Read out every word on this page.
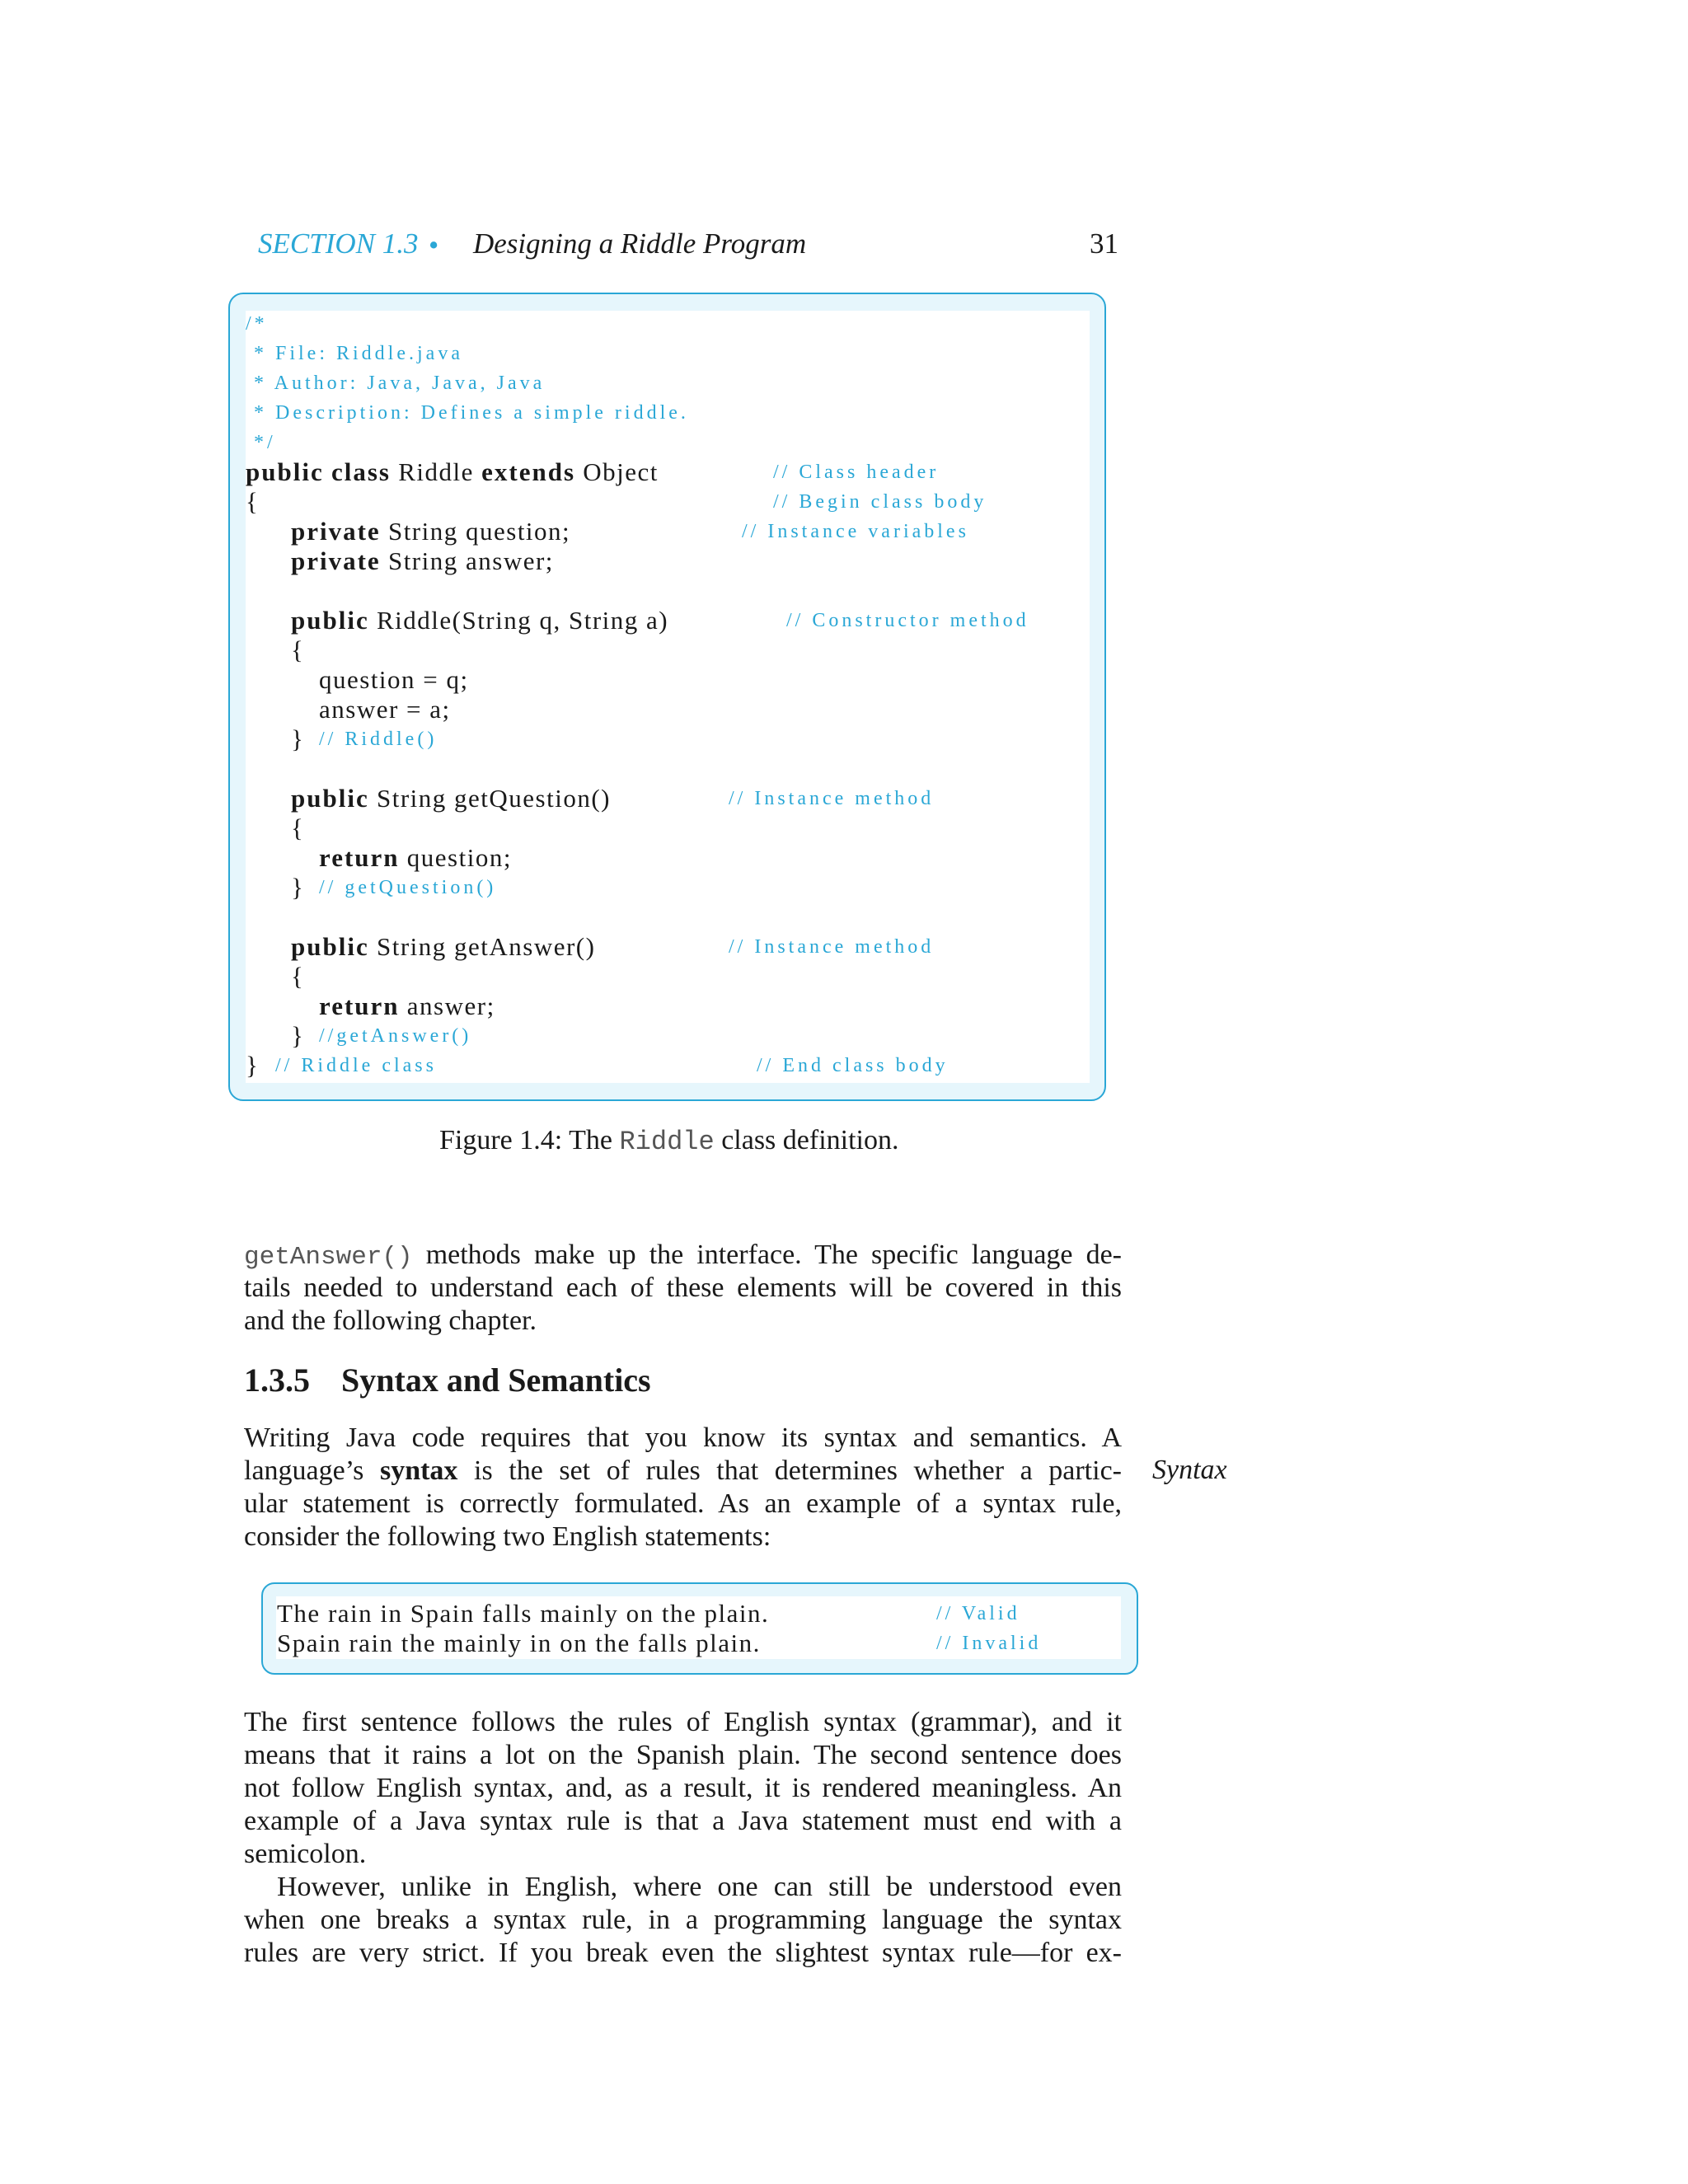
SECTION 1.3 • Designing a Riddle Program	31
/*
* File: Riddle.java
* Author: Java, Java, Java
* Description: Defines a simple riddle.
*/
public class Riddle extends Object	// Class header
{	// Begin class body
private String question;	// Instance variables
private String answer;
public Riddle(String q, String a)	// Constructor method
{
question = q;
answer = a;
} // Riddle()
public String getQuestion()	// Instance method
{
return question;
} // getQuestion()
public String getAnswer()	// Instance method
{
return answer;
} //getAnswer()
} // Riddle class	// End class body
Figure 1.4: The Riddle class definition.
getAnswer() methods make up the interface. The specific language de-
tails needed to understand each of these elements will be covered in this
and the following chapter.
1.3.5 Syntax and Semantics
Writing Java code requires that you know its syntax and semantics. A
language’s syntax is the set of rules that determines whether a partic-
ular statement is correctly formulated. As an example of a syntax rule,
consider the following two English statements:
Syntax
The rain in Spain falls mainly on the plain.	// Valid
Spain rain the mainly in on the falls plain.	// Invalid
The first sentence follows the rules of English syntax (grammar), and it
means that it rains a lot on the Spanish plain. The second sentence does
not follow English syntax, and, as a result, it is rendered meaningless. An
example of a Java syntax rule is that a Java statement must end with a
semicolon.
However, unlike in English, where one can still be understood even
when one breaks a syntax rule, in a programming language the syntax
rules are very strict. If you break even the slightest syntax rule—for ex-
